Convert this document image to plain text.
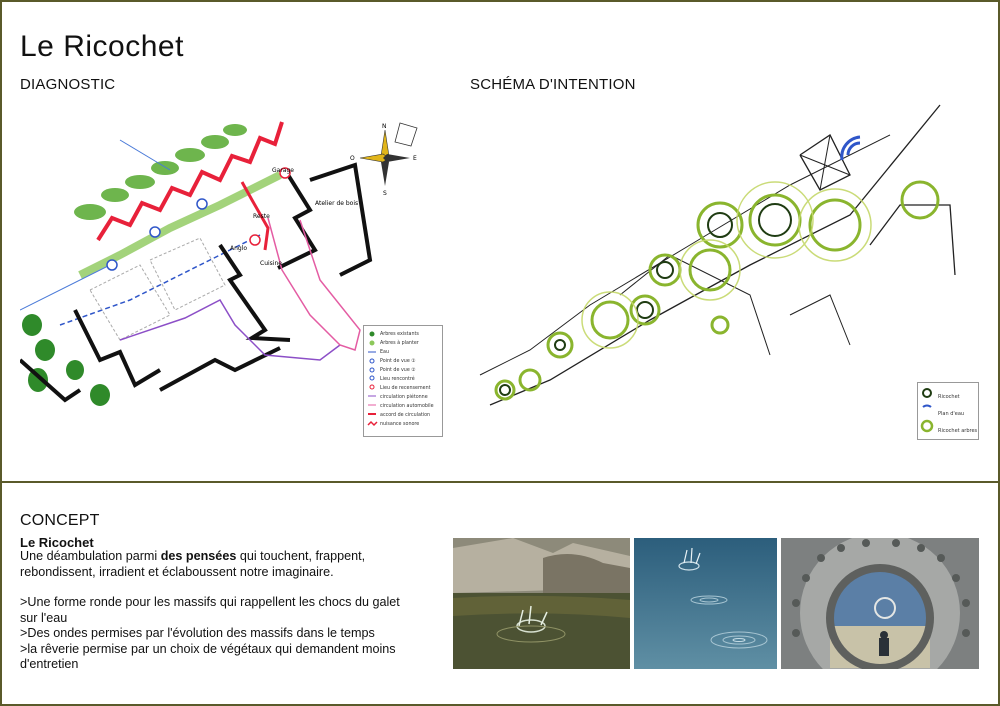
Le Ricochet
DIAGNOSTIC	SCHÉMA D'INTENTION
Reste
Atelier de bois
Anglo
Cuisine
Garage
N
S
E
O
Arbres existants
Arbres à planter
Eau
Point de vue ①
Point de vue ②
Lieu rencontré
Lieu de recensement
circulation piétonne
circulation automobile
accord de circulation
nuisance sonore
Ricochet
Plan d'eau
Ricochet arbres
CONCEPT
Le Ricochet

Une déambulation parmi des pensées qui touchent, frappent, rebondissent, irradient et éclaboussent notre imaginaire.

>Une forme ronde pour les massifs qui rappellent les chocs du galet sur l'eau

>Des ondes permises par l'évolution des massifs dans le temps

>la rêverie permise par un choix de végétaux qui demandent moins d'entretien
